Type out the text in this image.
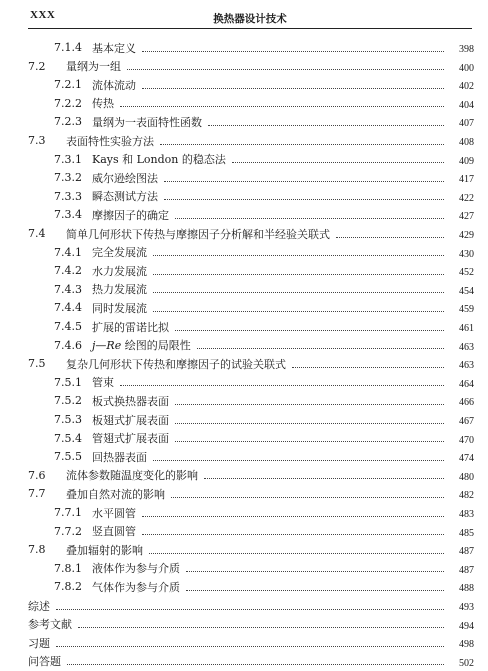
XXX	换热器设计技术
7.1.4 基本定义	398
7.2	量纲为一组	400
7.2.1 流体流动	402
7.2.2 传热	404
7.2.3 量纲为一表面特性函数	407
7.3	表面特性实验方法	408
7.3.1 Kays 和 London 的稳态法	409
7.3.2 威尔逊绘图法	417
7.3.3 瞬态测试方法	422
7.3.4 摩擦因子的确定	427
7.4	简单几何形状下传热与摩擦因子分析解和半经验关联式	429
7.4.1 完全发展流	430
7.4.2 水力发展流	452
7.4.3 热力发展流	454
7.4.4 同时发展流	459
7.4.5 扩展的雷诺比拟	461
7.4.6 j—Re 绘图的局限性	463
7.5	复杂几何形状下传热和摩擦因子的试验关联式	463
7.5.1 管束	464
7.5.2 板式换热器表面	466
7.5.3 板翅式扩展表面	467
7.5.4 管翅式扩展表面	470
7.5.5 回热器表面	474
7.6	流体参数随温度变化的影响	480
7.7	叠加自然对流的影响	482
7.7.1 水平圆管	483
7.7.2 竖直圆管	485
7.8	叠加辐射的影响	487
7.8.1 液体作为参与介质	487
7.8.2 气体作为参与介质	488
综述	493
参考文献	494
习题	498
问答题	502
